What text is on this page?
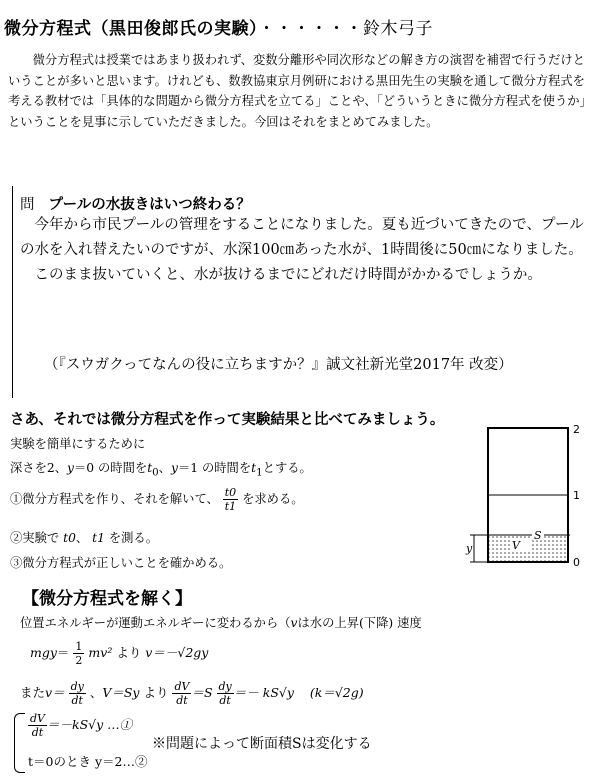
微分方程式（黒田俊郎氏の実験）・・・・・・鈴木弓子
微分方程式は授業ではあまり扱われず、変数分離形や同次形などの解き方の演習を補習で行うだけということが多いと思います。けれども、数教協東京月例研における黒田先生の実験を通して微分方程式を考える教材では「具体的な問題から微分方程式を立てる」ことや、「どういうときに微分方程式を使うか」ということを見事に示していただきました。今回はそれをまとめてみました。
問 プールの水抜きはいつ終わる？
今年から市民プールの管理をすることになりました。夏も近づいてきたので、プールの水を入れ替えたいのですが、水深100㎝あった水が、1時間後に50㎝になりました。
このまま抜いていくと、水が抜けるまでにどれだけ時間がかかるでしょうか。
（『スウガクってなんの役に立ちますか？』誠文社新光堂2017年 改変）
さあ、それでは微分方程式を作って実験結果と比べてみましょう。
実験を簡単にするために
深さを2、y＝0 の時間を$t_0$、y＝1 の時間を$t_1$とする。
①微分方程式を作り、それを解いて、 $\frac{t0}{t1}$ を求める。
②実験で t0、 t1 を測る。
③微分方程式が正しいことを確かめる。
y	V
S
2
1
0
【微分方程式を解く】
位置エネルギーが運動エネルギーに変わるから（vは水の上昇(下降) 速度
$mgy= \frac{1}{2} mv^2$ より v＝－√2gy
また$v= \frac{dy}{dt}$ 、V＝Sy より $\frac{dV}{dt} =S \frac{dy}{dt} =- kS√y$ (k＝√2g)
$\frac{dV}{dt} =-kS√y$ …①
t＝0のとき y＝2…②
※問題によって断面積Sは変化する
